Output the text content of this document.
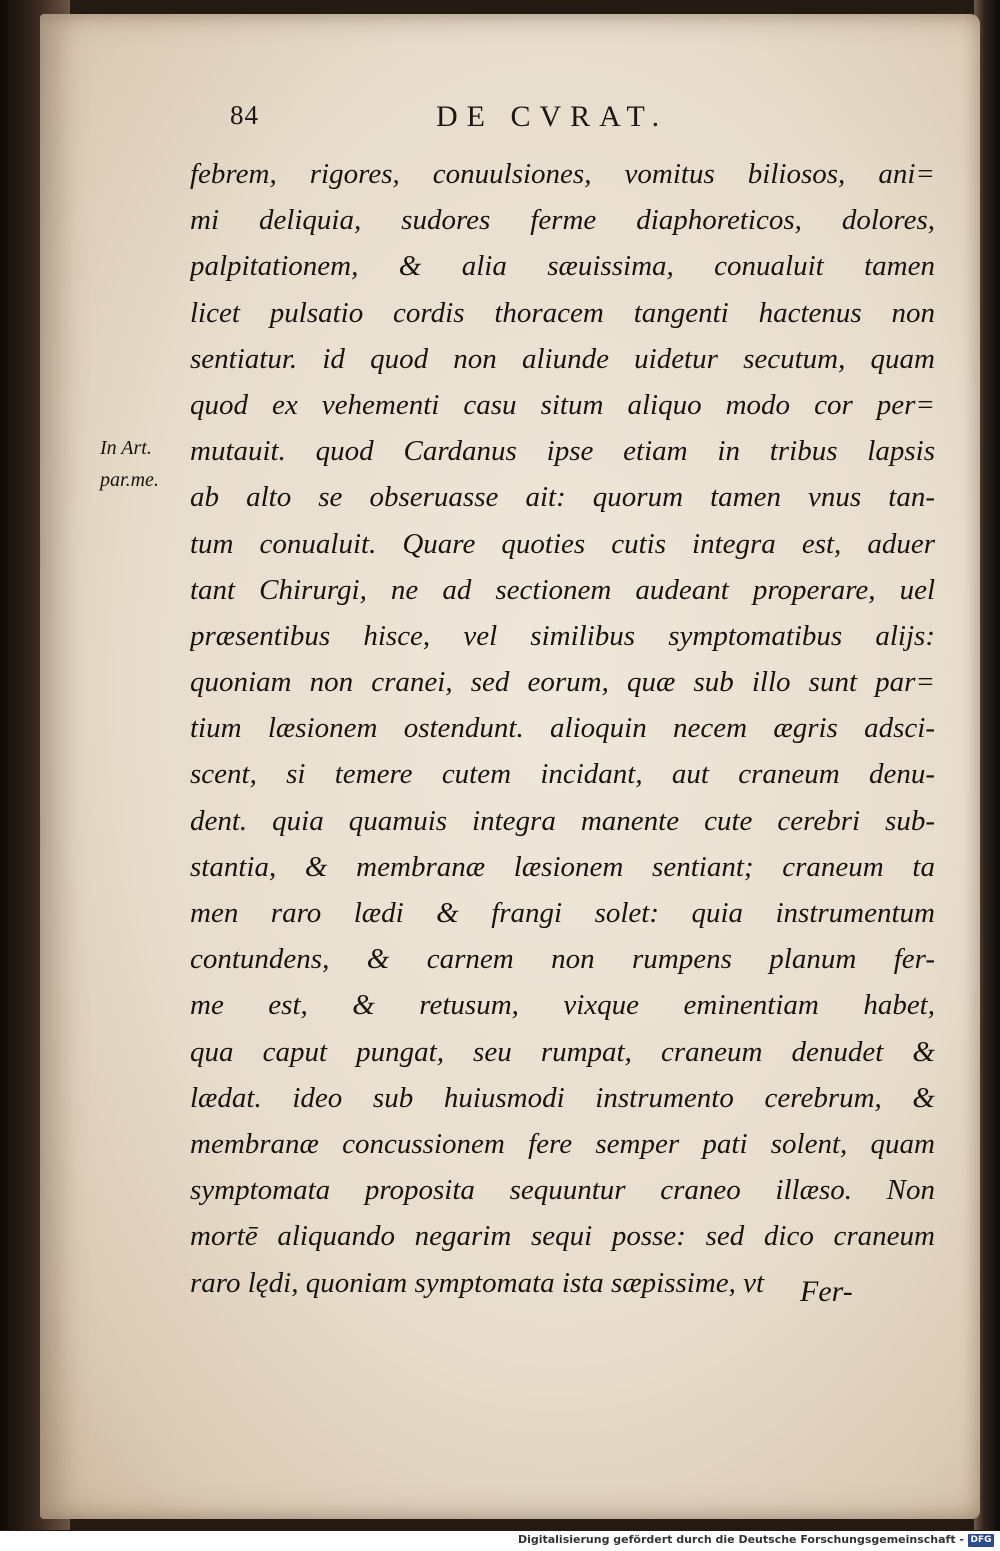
84	DE CVRAT.
In Art.
par.me.
febrem, rigores, conuulsiones, vomitus biliosos, ani=
mi deliquia, sudores ferme diaphoreticos, dolores,
palpitationem, & alia sæuissima, conualuit tamen
licet pulsatio cordis thoracem tangenti hactenus non
sentiatur. id quod non aliunde uidetur secutum, quam
quod ex vehementi casu situm aliquo modo cor per=
mutauit. quod Cardanus ipse etiam in tribus lapsis
ab alto se obseruasse ait: quorum tamen vnus tan-
tum conualuit. Quare quoties cutis integra est, aduer
tant Chirurgi, ne ad sectionem audeant properare, uel
præsentibus hisce, vel similibus symptomatibus alijs:
quoniam non cranei, sed eorum, quæ sub illo sunt par=
tium læsionem ostendunt. alioquin necem ægris adsci-
scent, si temere cutem incidant, aut craneum denu-
dent. quia quamuis integra manente cute cerebri sub-
stantia, & membranæ læsionem sentiant; craneum ta
men raro lædi & frangi solet: quia instrumentum
contundens, & carnem non rumpens planum fer-
me est, & retusum, vixque eminentiam habet,
qua caput pungat, seu rumpat, craneum denudet &
lædat. ideo sub huiusmodi instrumento cerebrum, &
membranæ concussionem fere semper pati solent, quam
symptomata proposita sequuntur craneo illæso. Non
mortē aliquando negarim sequi posse: sed dico craneum
raro lędi, quoniam symptomata ista sæpissime, vt	Fer-
Digitalisierung gefördert durch die Deutsche Forschungsgemeinschaft - DFG
